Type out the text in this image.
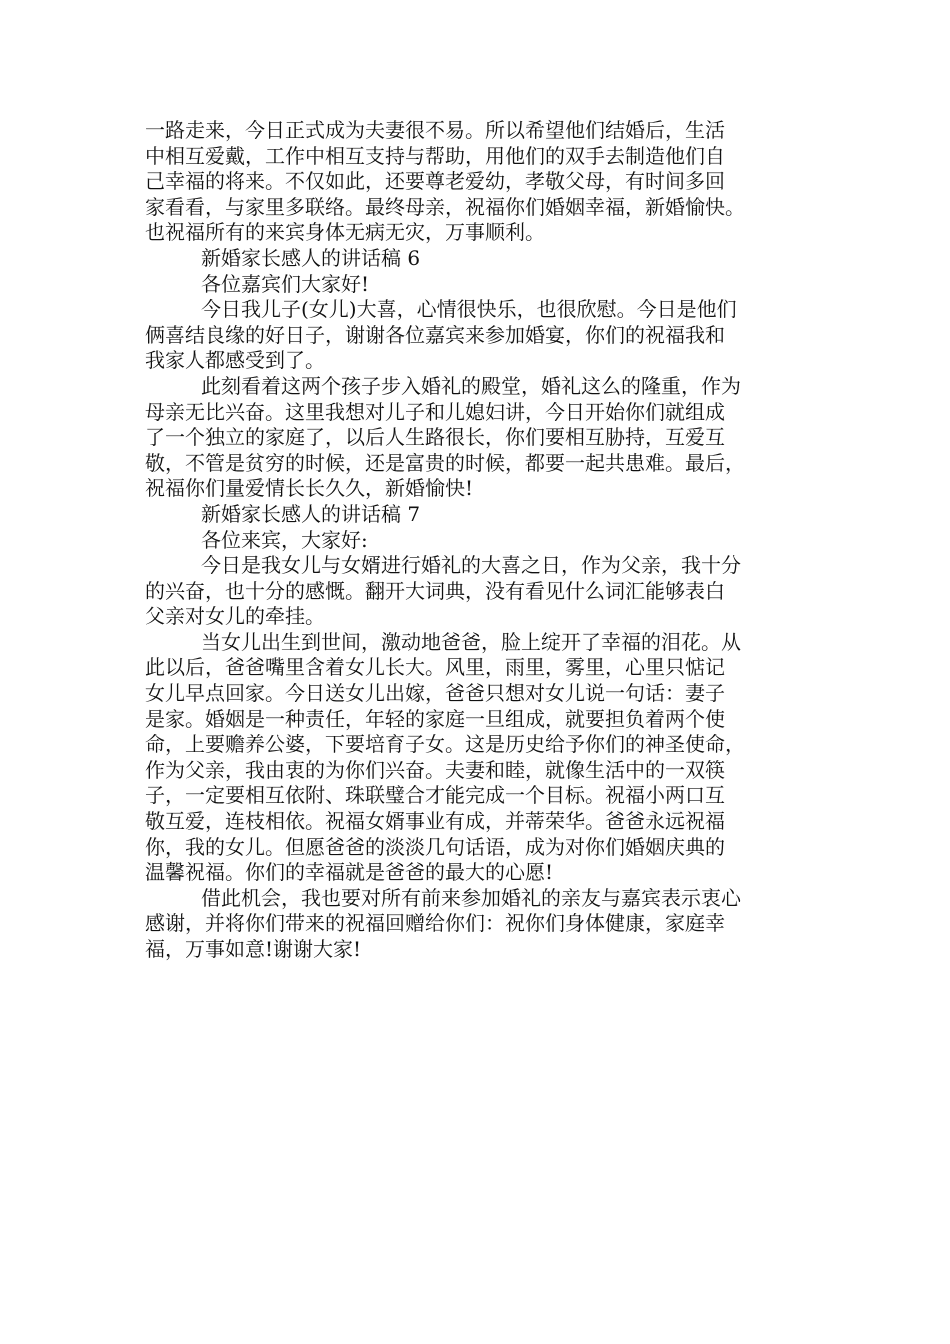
一路走来，今日正式成为夫妻很不易。所以希望他们结婚后，生活

中相互爱戴，工作中相互支持与帮助，用他们的双手去制造他们自

己幸福的将来。不仅如此，还要尊老爱幼，孝敬父母，有时间多回

家看看，与家里多联络。最终母亲，祝福你们婚姻幸福，新婚愉快。

也祝福所有的来宾身体无病无灾，万事顺利。

新婚家长感人的讲话稿 6

各位嘉宾们大家好!

今日我儿子(女儿)大喜，心情很快乐，也很欣慰。今日是他们

俩喜结良缘的好日子，谢谢各位嘉宾来参加婚宴，你们的祝福我和

我家人都感受到了。

此刻看着这两个孩子步入婚礼的殿堂，婚礼这么的隆重，作为

母亲无比兴奋。这里我想对儿子和儿媳妇讲，今日开始你们就组成

了一个独立的家庭了，以后人生路很长，你们要相互胁持，互爱互

敬，不管是贫穷的时候，还是富贵的时候，都要一起共患难。最后，

祝福你们量爱情长长久久，新婚愉快!

新婚家长感人的讲话稿 7

各位来宾，大家好:

今日是我女儿与女婿进行婚礼的大喜之日，作为父亲，我十分

的兴奋，也十分的感慨。翻开大词典，没有看见什么词汇能够表白

父亲对女儿的牵挂。

当女儿出生到世间，激动地爸爸，脸上绽开了幸福的泪花。从

此以后，爸爸嘴里含着女儿长大。风里，雨里，雾里，心里只惦记

女儿早点回家。今日送女儿出嫁，爸爸只想对女儿说一句话：妻子

是家。婚姻是一种责任，年轻的家庭一旦组成，就要担负着两个使

命，上要赡养公婆，下要培育子女。这是历史给予你们的神圣使命，

作为父亲，我由衷的为你们兴奋。夫妻和睦，就像生活中的一双筷

子，一定要相互依附、珠联璧合才能完成一个目标。祝福小两口互

敬互爱，连枝相依。祝福女婿事业有成，并蒂荣华。爸爸永远祝福

你，我的女儿。但愿爸爸的淡淡几句话语，成为对你们婚姻庆典的

温馨祝福。你们的幸福就是爸爸的最大的心愿!

借此机会，我也要对所有前来参加婚礼的亲友与嘉宾表示衷心

感谢，并将你们带来的祝福回赠给你们：祝你们身体健康，家庭幸

福，万事如意!谢谢大家!
